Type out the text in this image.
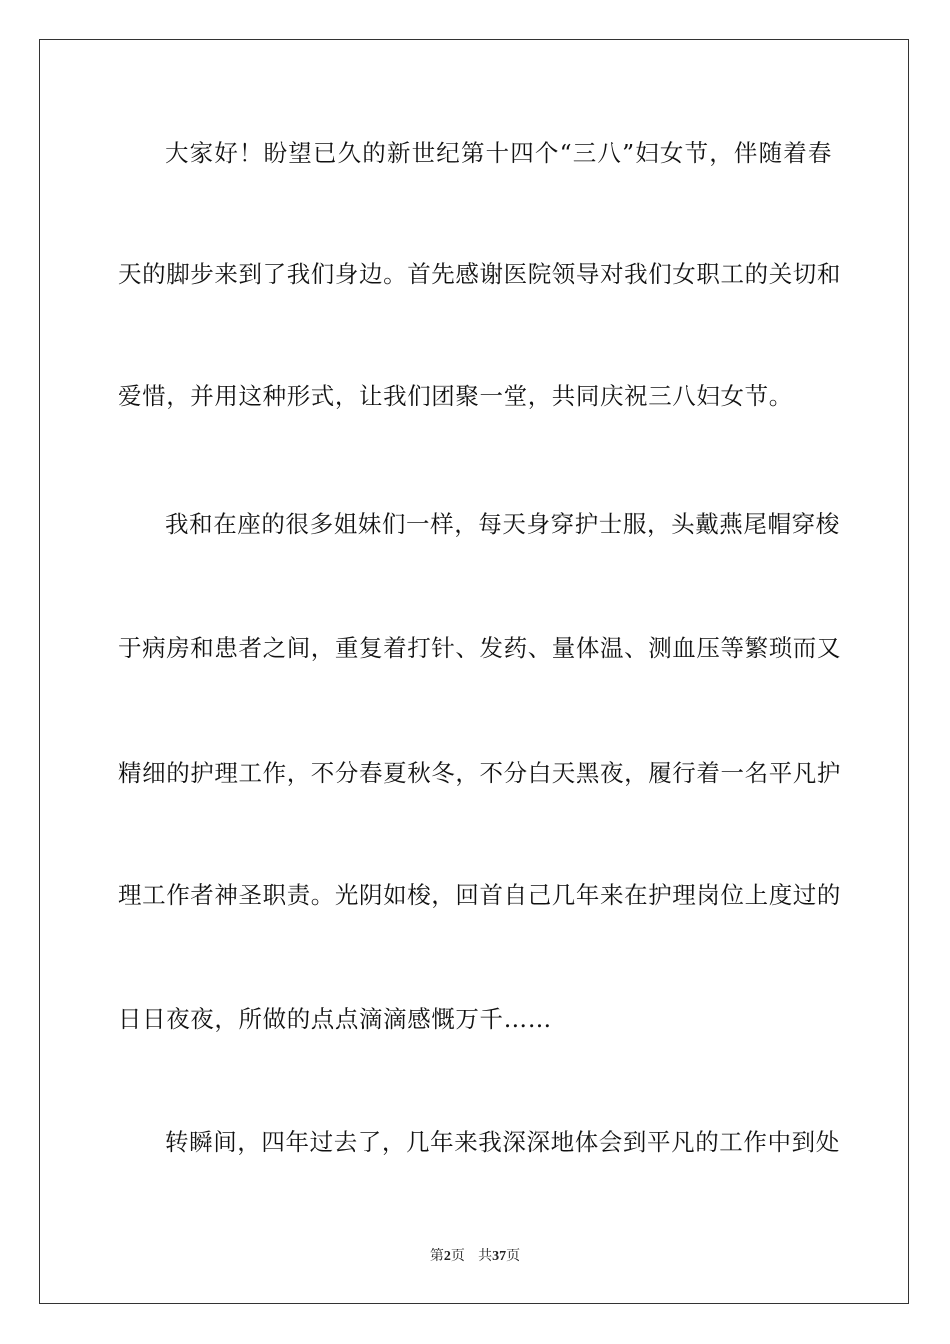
大家好！盼望已久的新世纪第十四个“三八”妇女节，伴随着春
天的脚步来到了我们身边。首先感谢医院领导对我们女职工的关切和
爱惜，并用这种形式，让我们团聚一堂，共同庆祝三八妇女节。
我和在座的很多姐妹们一样，每天身穿护士服，头戴燕尾帽穿梭
于病房和患者之间，重复着打针、发药、量体温、测血压等繁琐而又
精细的护理工作，不分春夏秋冬，不分白天黑夜，履行着一名平凡护
理工作者神圣职责。光阴如梭，回首自己几年来在护理岗位上度过的
日日夜夜，所做的点点滴滴感慨万千……
转瞬间，四年过去了，几年来我深深地体会到平凡的工作中到处
第2页 共37页
